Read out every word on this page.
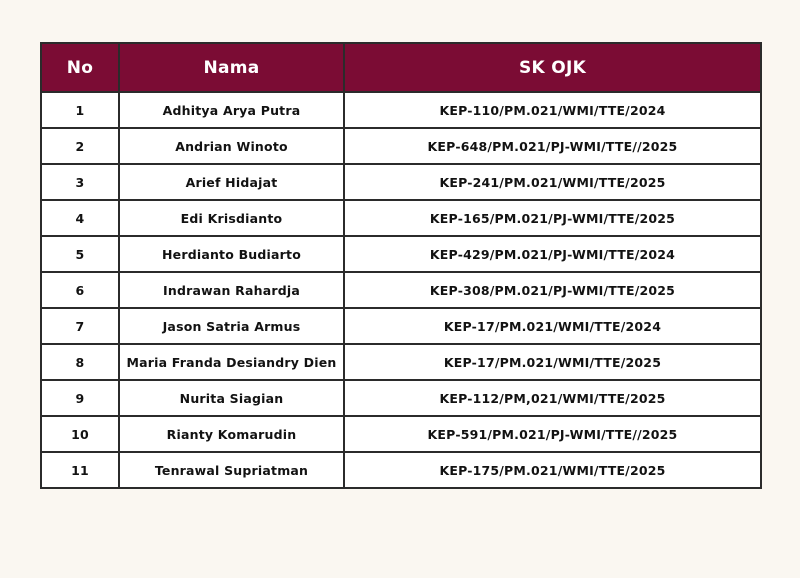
No	Nama	SK OJK
1	Adhitya Arya Putra	KEP-110/PM.021/WMI/TTE/2024
2	Andrian Winoto	KEP-648/PM.021/PJ-WMI/TTE//2025
3	Arief Hidajat	KEP-241/PM.021/WMI/TTE/2025
4	Edi Krisdianto	KEP-165/PM.021/PJ-WMI/TTE/2025
5	Herdianto Budiarto	KEP-429/PM.021/PJ-WMI/TTE/2024
6	Indrawan Rahardja	KEP-308/PM.021/PJ-WMI/TTE/2025
7	Jason Satria Armus	KEP-17/PM.021/WMI/TTE/2024
8	Maria Franda Desiandry Dien	KEP-17/PM.021/WMI/TTE/2025
9	Nurita Siagian	KEP-112/PM,021/WMI/TTE/2025
10	Rianty Komarudin	KEP-591/PM.021/PJ-WMI/TTE//2025
11	Tenrawal Supriatman	KEP-175/PM.021/WMI/TTE/2025
